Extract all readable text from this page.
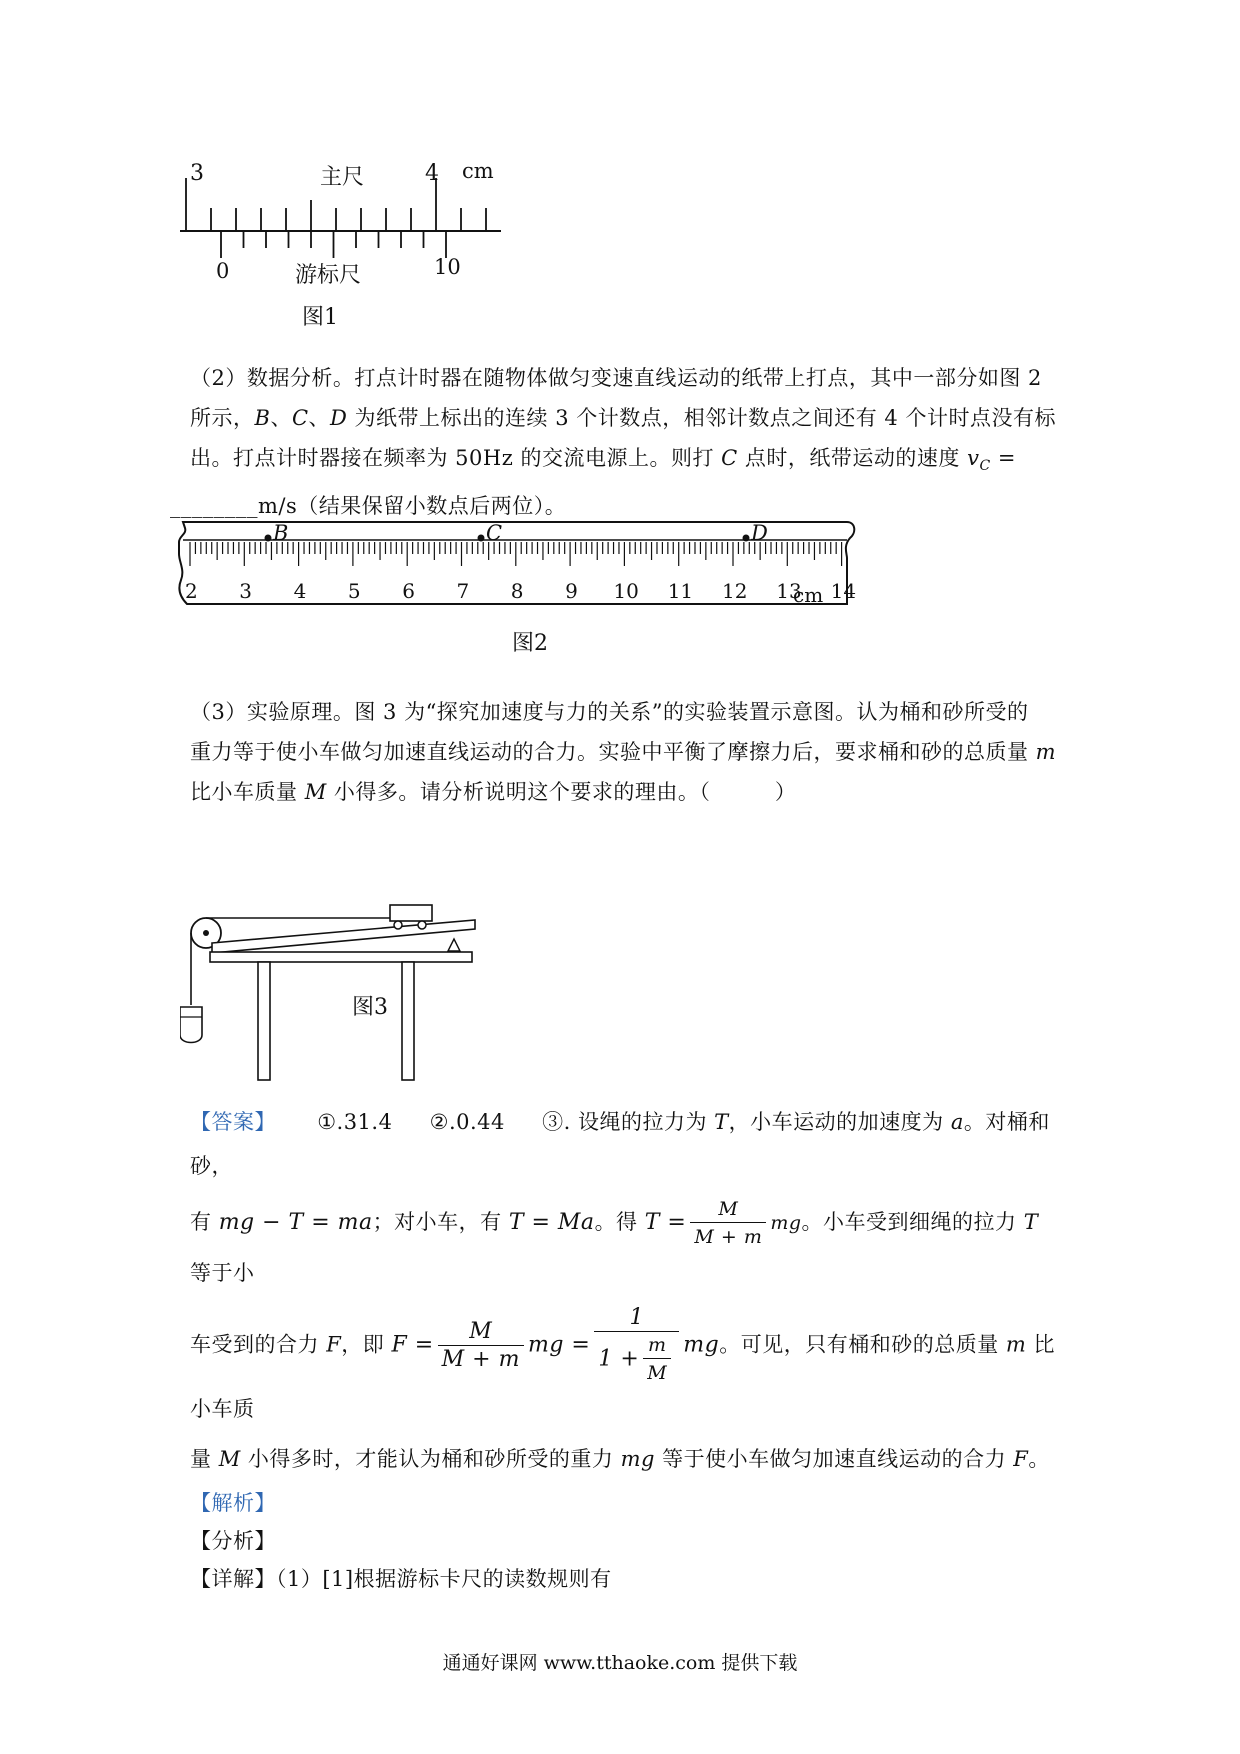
3	主尺	4 cm
0	游标尺	10
图1
（2）数据分析。打点计时器在随物体做匀变速直线运动的纸带上打点，其中一部分如图 2
所示，B、C、D 为纸带上标出的连续 3 个计数点，相邻计数点之间还有 4 个计时点没有标
出。打点计时器接在频率为 50Hz 的交流电源上。则打 C 点时，纸带运动的速度 $v_C$ =
________m/s（结果保留小数点后两位）。
2 3 4 5 6 7 8 9 10 11 12 13 14
cm
B	C	D
图2
（3）实验原理。图 3 为“探究加速度与力的关系”的实验装置示意图。认为桶和砂所受的
重力等于使小车做匀加速直线运动的合力。实验中平衡了摩擦力后，要求桶和砂的总质量 m
比小车质量 M 小得多。请分析说明这个要求的理由。（　　　）
图3
【答案】 ①.31.4 ②.0.44 ③. 设绳的拉力为 T，小车运动的加速度为 a。对桶和砂，
有 mg − T = ma；对小车，有 T = Ma。得 $T = \frac{M}{M + m}$ mg。小车受到细绳的拉力 T 等于小
车受到的合力 F，即 $F = \frac{M}{M + m}$ mg = $\frac{1}{1 + \frac{m}{M}}$ mg。可见，只有桶和砂的总质量 m 比小车质
量 M 小得多时，才能认为桶和砂所受的重力 mg 等于使小车做匀加速直线运动的合力 F。
【解析】
【分析】
【详解】（1）[1]根据游标卡尺的读数规则有
通通好课网 www.tthaoke.com 提供下载
